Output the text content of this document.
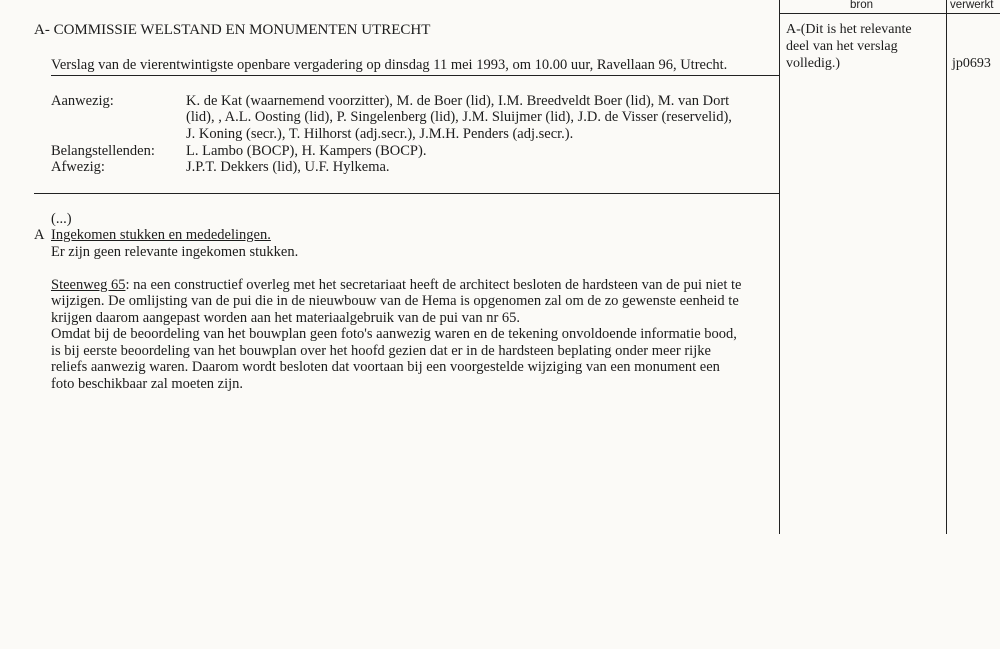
bron	verwerkt
A- COMMISSIE WELSTAND EN MONUMENTEN UTRECHT
Verslag van de vierentwintigste openbare vergadering op dinsdag 11 mei 1993, om 10.00 uur, Ravellaan 96, Utrecht.
Aanwezig:	K. de Kat (waarnemend voorzitter), M. de Boer (lid), I.M. Breedveldt Boer (lid), M. van Dort
(lid), , A.L. Oosting (lid), P. Singelenberg (lid), J.M. Sluijmer (lid), J.D. de Visser (reservelid),
J. Koning (secr.), T. Hilhorst (adj.secr.), J.M.H. Penders (adj.secr.).
Belangstellenden: L. Lambo (BOCP), H. Kampers (BOCP).
Afwezig:	J.P.T. Dekkers (lid), U.F. Hylkema.
(...)
A Ingekomen stukken en mededelingen.
Er zijn geen relevante ingekomen stukken.
Steenweg 65: na een constructief overleg met het secretariaat heeft de architect besloten de hardsteen van de pui niet te
wijzigen. De omlijsting van de pui die in de nieuwbouw van de Hema is opgenomen zal om de zo gewenste eenheid te
krijgen daarom aangepast worden aan het materiaalgebruik van de pui van nr 65.
Omdat bij de beoordeling van het bouwplan geen foto's aanwezig waren en de tekening onvoldoende informatie bood,
is bij eerste beoordeling van het bouwplan over het hoofd gezien dat er in de hardsteen beplating onder meer rijke
reliefs aanwezig waren. Daarom wordt besloten dat voortaan bij een voorgestelde wijziging van een monument een
foto beschikbaar zal moeten zijn.
A-(Dit is het relevante
deel van het verslag
volledig.)	jp0693
